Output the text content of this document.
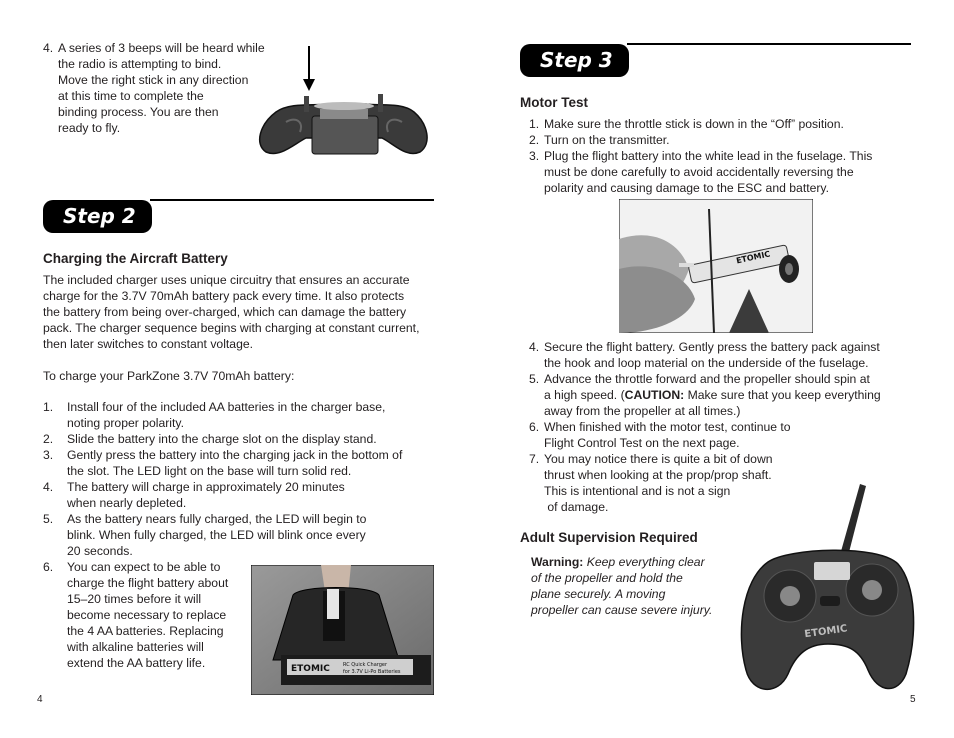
4. A series of 3 beeps will be heard while
the radio is attempting to bind.
Move the right stick in any direction
at this time to complete the
binding process. You are then
ready to fly.
Step 2
Charging the Aircraft Battery
The included charger uses unique circuitry that ensures an accurate
charge for the 3.7V 70mAh battery pack every time. It also protects
the battery from being over-charged, which can damage the battery
pack. The charger sequence begins with charging at constant current,
then later switches to constant voltage.
To charge your ParkZone 3.7V 70mAh battery:
1. Install four of the included AA batteries in the charger base,
noting proper polarity.
2. Slide the battery into the charge slot on the display stand.
3. Gently press the battery into the charging jack in the bottom of
the slot. The LED light on the base will turn solid red.
4. The battery will charge in approximately 20 minutes
when nearly depleted.
5. As the battery nears fully charged, the LED will begin to
blink. When fully charged, the LED will blink once every
20 seconds.
6. You can expect to be able to
charge the flight battery about
15–20 times before it will
become necessary to replace
the 4 AA batteries. Replacing
with alkaline batteries will
extend the AA battery life.	ETOMIC	RC Quick Charger
for 3.7V Li-Po Batteries
4
Step 3
Motor Test
1. Make sure the throttle stick is down in the “Off” position.
2. Turn on the transmitter.
3. Plug the flight battery into the white lead in the fuselage. This
must be done carefully to avoid accidentally reversing the
polarity and causing damage to the ESC and battery.
ETOMIC
4. Secure the flight battery. Gently press the battery pack against
the hook and loop material on the underside of the fuselage.
5. Advance the throttle forward and the propeller should spin at
a high speed. (CAUTION: Make sure that you keep everything
away from the propeller at all times.)
6. When finished with the motor test, continue to
Flight Control Test on the next page.
7. You may notice there is quite a bit of down
thrust when looking at the prop/prop shaft.
This is intentional and is not a sign
of damage.
Adult Supervision Required
Warning: Keep everything clear
of the propeller and hold the
plane securely. A moving
propeller can cause severe injury.
ETOMIC
5
